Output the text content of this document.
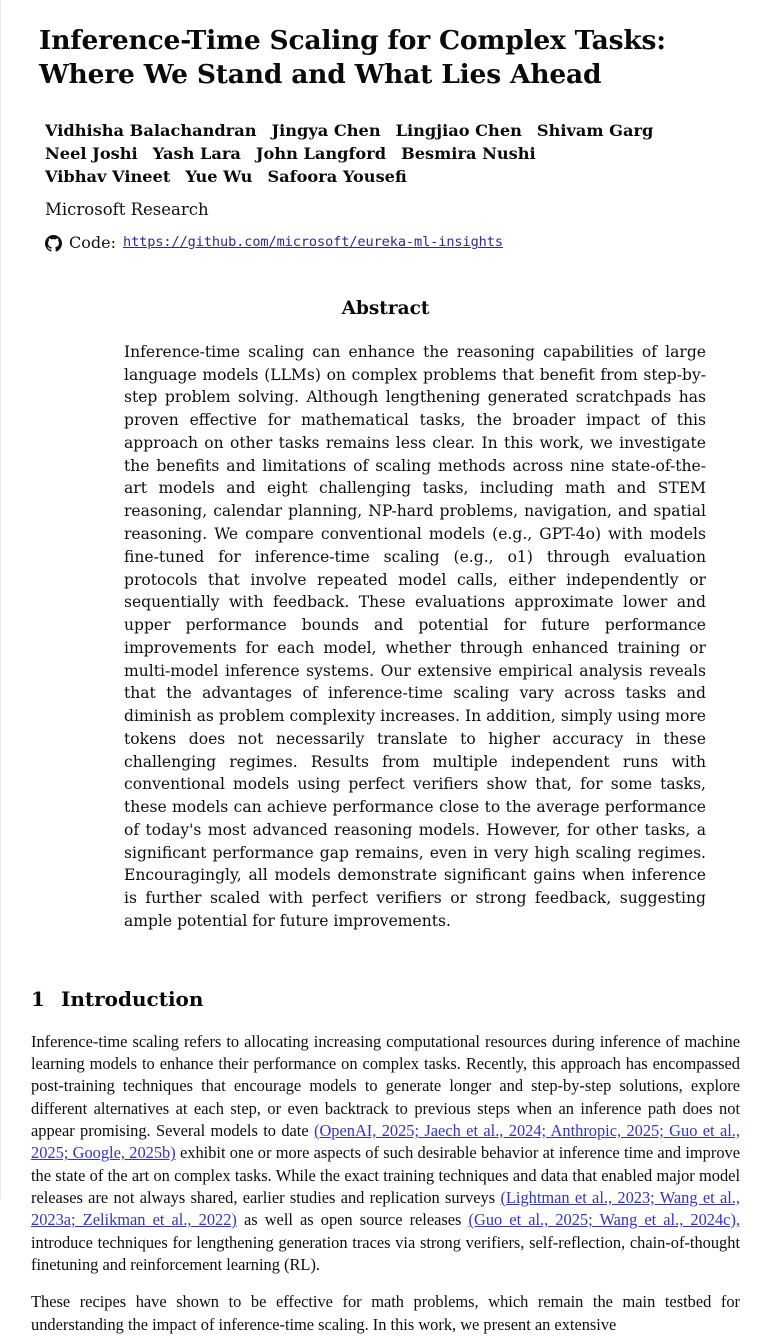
Inference-Time Scaling for Complex Tasks:
Where We Stand and What Lies Ahead
Vidhisha Balachandran Jingya Chen Lingjiao Chen Shivam Garg
Neel Joshi Yash Lara John Langford Besmira Nushi
Vibhav Vineet Yue Wu Safoora Yousefi
Microsoft Research
Code: https://github.com/microsoft/eureka-ml-insights
Abstract
Inference-time scaling can enhance the reasoning capabilities of large language models (LLMs) on complex problems that benefit from step-by-step problem solving. Although lengthening generated scratchpads has proven effective for mathematical tasks, the broader impact of this approach on other tasks remains less clear. In this work, we investigate the benefits and limitations of scaling methods across nine state-of-the-art models and eight challenging tasks, including math and STEM reasoning, calendar planning, NP-hard problems, navigation, and spatial reasoning. We compare conventional models (e.g., GPT-4o) with models fine-tuned for inference-time scaling (e.g., o1) through evaluation protocols that involve repeated model calls, either independently or sequentially with feedback. These evaluations approximate lower and upper performance bounds and potential for future performance improvements for each model, whether through enhanced training or multi-model inference systems. Our extensive empirical analysis reveals that the advantages of inference-time scaling vary across tasks and diminish as problem complexity increases. In addition, simply using more tokens does not necessarily translate to higher accuracy in these challenging regimes. Results from multiple independent runs with conventional models using perfect verifiers show that, for some tasks, these models can achieve performance close to the average performance of today's most advanced reasoning models. However, for other tasks, a significant performance gap remains, even in very high scaling regimes. Encouragingly, all models demonstrate significant gains when inference is further scaled with perfect verifiers or strong feedback, suggesting ample potential for future improvements.
1 Introduction

Inference-time scaling refers to allocating increasing computational resources during inference of machine learning models to enhance their performance on complex tasks. Recently, this approach has encompassed post-training techniques that encourage models to generate longer and step-by-step solutions, explore different alternatives at each step, or even backtrack to previous steps when an inference path does not appear promising. Several models to date (OpenAI, 2025; Jaech et al., 2024; Anthropic, 2025; Guo et al., 2025; Google, 2025b) exhibit one or more aspects of such desirable behavior at inference time and improve the state of the art on complex tasks. While the exact training techniques and data that enabled major model releases are not always shared, earlier studies and replication surveys (Lightman et al., 2023; Wang et al., 2023a; Zelikman et al., 2022) as well as open source releases (Guo et al., 2025; Wang et al., 2024c), introduce techniques for lengthening generation traces via strong verifiers, self-reflection, chain-of-thought finetuning and reinforcement learning (RL).

These recipes have shown to be effective for math problems, which remain the main testbed for understanding the impact of inference-time scaling. In this work, we present an extensive
